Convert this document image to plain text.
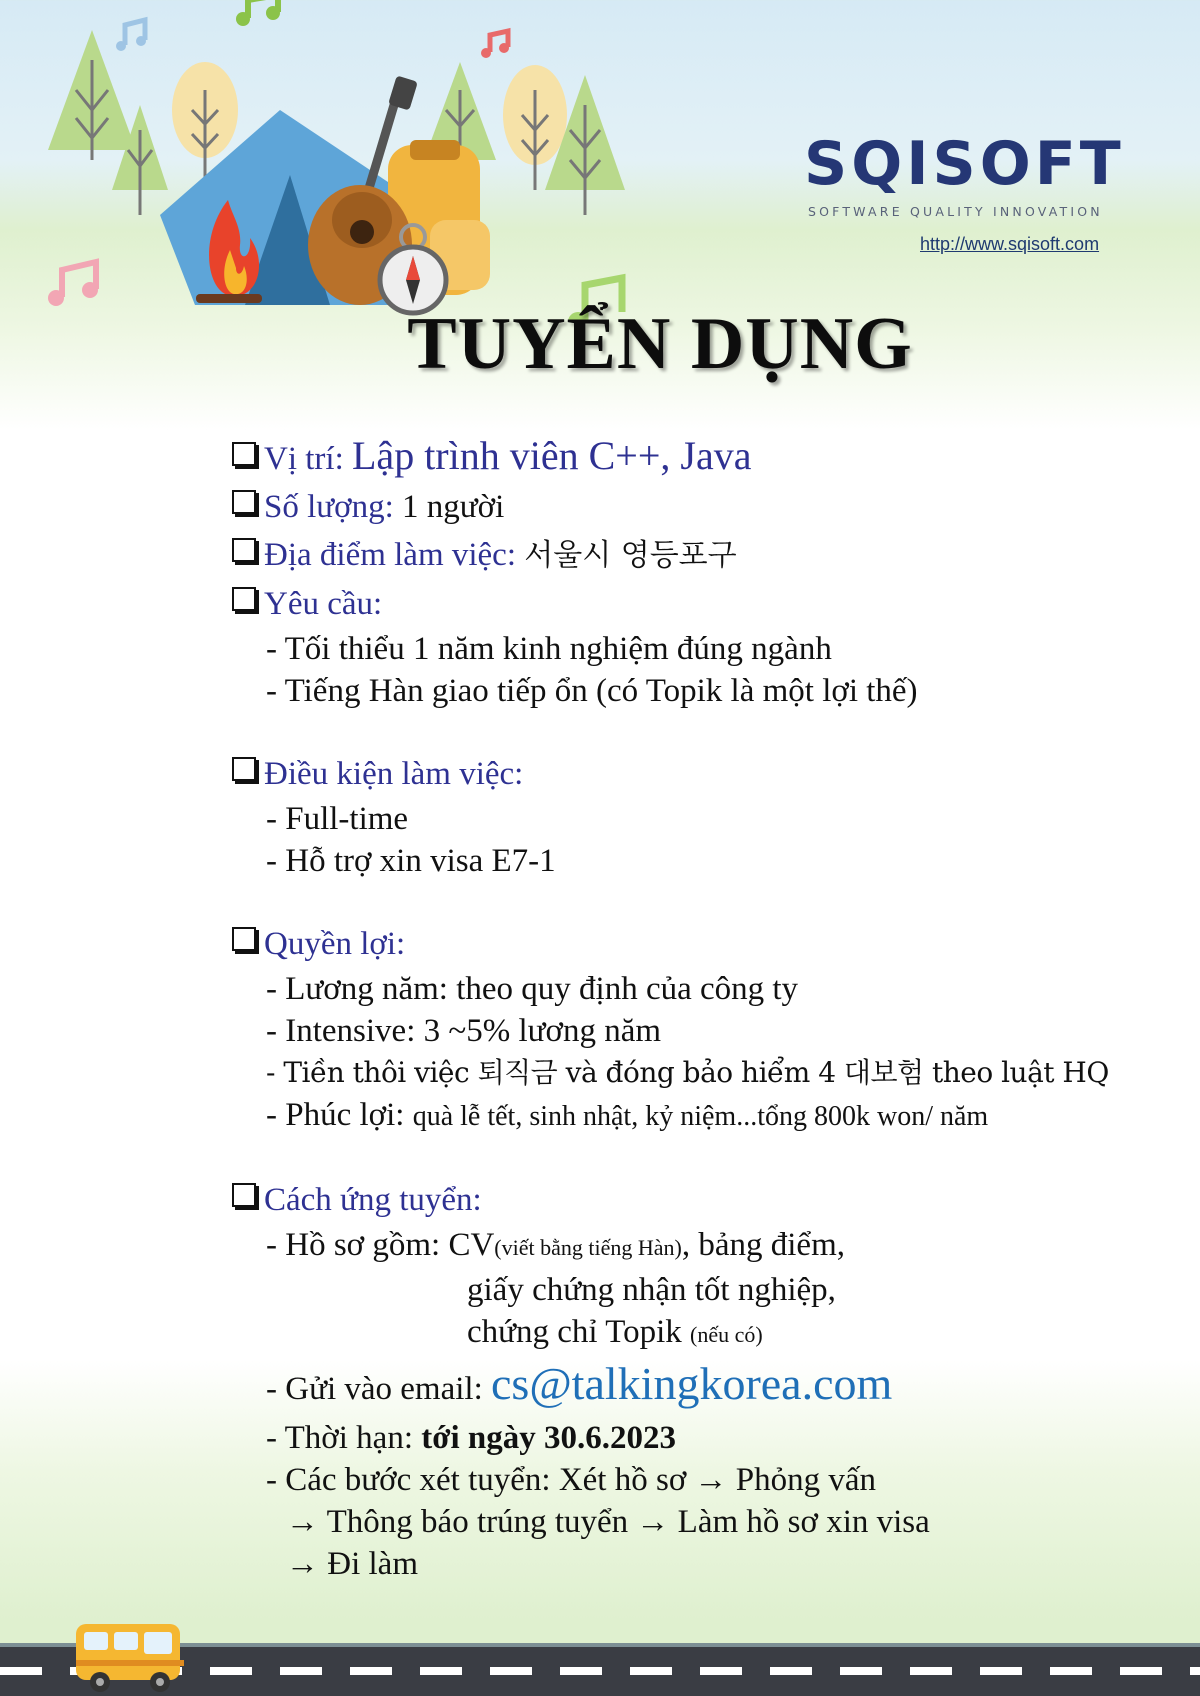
SQISOFT
SOFTWARE QUALITY INNOVATION
http://www.sqisoft.com
TUYỂN DỤNG
Vị trí: Lập trình viên C++, Java
Số lượng: 1 người
Địa điểm làm việc: 서울시 영등포구
Yêu cầu:
- Tối thiểu 1 năm kinh nghiệm đúng ngành
- Tiếng Hàn giao tiếp ổn (có Topik là một lợi thế)
Điều kiện làm việc:
- Full-time
- Hỗ trợ xin visa E7-1
Quyền lợi:
- Lương năm: theo quy định của công ty
- Intensive: 3 ~5% lương năm
- Tiền thôi việc 퇴직금 và đóng bảo hiểm 4 대보험 theo luật HQ
- Phúc lợi: quà lễ tết, sinh nhật, kỷ niệm...tổng 800k won/ năm
Cách ứng tuyển:
- Hồ sơ gồm: CV(viết bằng tiếng Hàn), bảng điểm,
giấy chứng nhận tốt nghiệp,
chứng chỉ Topik (nếu có)
- Gửi vào email: cs@talkingkorea.com
- Thời hạn: tới ngày 30.6.2023
- Các bước xét tuyển: Xét hồ sơ → Phỏng vấn
→ Thông báo trúng tuyển → Làm hồ sơ xin visa
→ Đi làm
